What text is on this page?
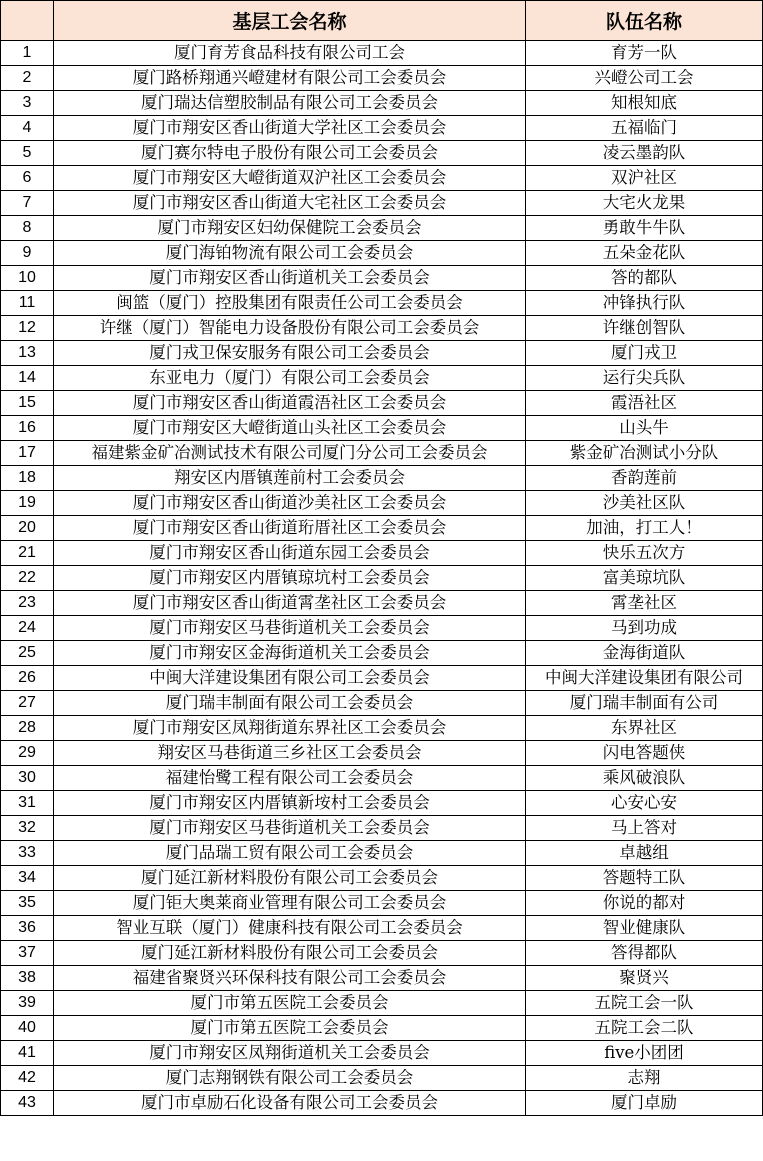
	基层工会名称	队伍名称
1	厦门育芳食品科技有限公司工会	育芳一队
2	厦门路桥翔通兴嶝建材有限公司工会委员会	兴嶝公司工会
3	厦门瑞达信塑胶制品有限公司工会委员会	知根知底
4	厦门市翔安区香山街道大学社区工会委员会	五福临门
5	厦门赛尔特电子股份有限公司工会委员会	凌云墨韵队
6	厦门市翔安区大嶝街道双沪社区工会委员会	双沪社区
7	厦门市翔安区香山街道大宅社区工会委员会	大宅火龙果
8	厦门市翔安区妇幼保健院工会委员会	勇敢牛牛队
9	厦门海铂物流有限公司工会委员会	五朵金花队
10	厦门市翔安区香山街道机关工会委员会	答的都队
11	闽篮（厦门）控股集团有限责任公司工会委员会	冲锋执行队
12	许继（厦门）智能电力设备股份有限公司工会委员会	许继创智队
13	厦门戎卫保安服务有限公司工会委员会	厦门戎卫
14	东亚电力（厦门）有限公司工会委员会	运行尖兵队
15	厦门市翔安区香山街道霞浯社区工会委员会	霞浯社区
16	厦门市翔安区大嶝街道山头社区工会委员会	山头牛
17	福建紫金矿冶测试技术有限公司厦门分公司工会委员会	紫金矿冶测试小分队
18	翔安区内厝镇莲前村工会委员会	香韵莲前
19	厦门市翔安区香山街道沙美社区工会委员会	沙美社区队
20	厦门市翔安区香山街道珩厝社区工会委员会	加油，打工人！
21	厦门市翔安区香山街道东园工会委员会	快乐五次方
22	厦门市翔安区内厝镇琼坑村工会委员会	富美琼坑队
23	厦门市翔安区香山街道霄垄社区工会委员会	霄垄社区
24	厦门市翔安区马巷街道机关工会委员会	马到功成
25	厦门市翔安区金海街道机关工会委员会	金海街道队
26	中闽大洋建设集团有限公司工会委员会	中闽大洋建设集团有限公司
27	厦门瑞丰制面有限公司工会委员会	厦门瑞丰制面有公司
28	厦门市翔安区凤翔街道东界社区工会委员会	东界社区
29	翔安区马巷街道三乡社区工会委员会	闪电答题侠
30	福建怡鹭工程有限公司工会委员会	乘风破浪队
31	厦门市翔安区内厝镇新垵村工会委员会	心安心安
32	厦门市翔安区马巷街道机关工会委员会	马上答对
33	厦门品瑞工贸有限公司工会委员会	卓越组
34	厦门延江新材料股份有限公司工会委员会	答题特工队
35	厦门钜大奥莱商业管理有限公司工会委员会	你说的都对
36	智业互联（厦门）健康科技有限公司工会委员会	智业健康队
37	厦门延江新材料股份有限公司工会委员会	答得都队
38	福建省聚贤兴环保科技有限公司工会委员会	聚贤兴
39	厦门市第五医院工会委员会	五院工会一队
40	厦门市第五医院工会委员会	五院工会二队
41	厦门市翔安区凤翔街道机关工会委员会	five小团团
42	厦门志翔钢铁有限公司工会委员会	志翔
43	厦门市卓励石化设备有限公司工会委员会	厦门卓励
